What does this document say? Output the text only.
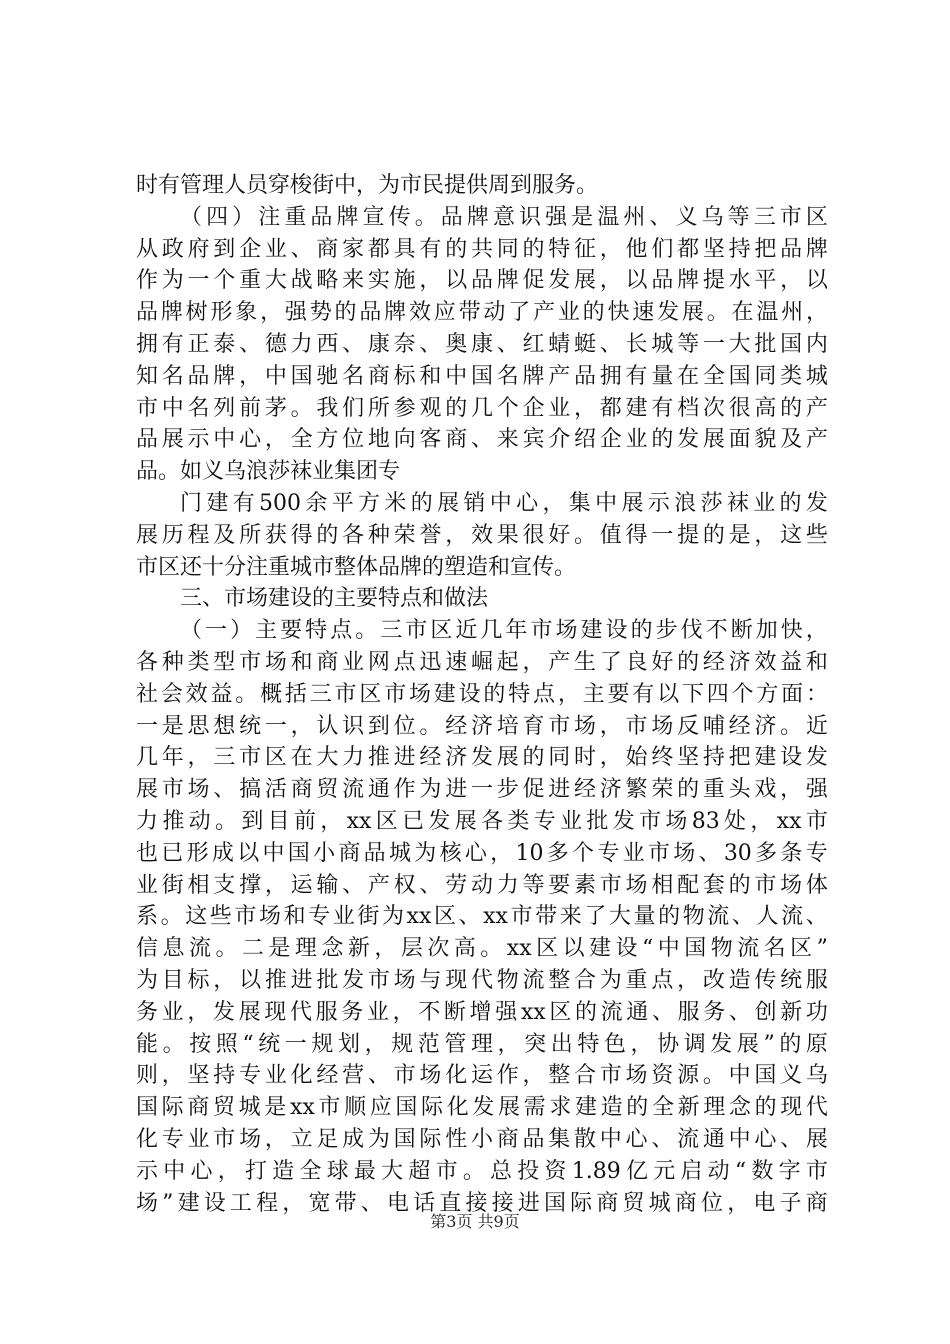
时有管理人员穿梭街中，为市民提供周到服务。
（ 四 ） 注 重 品 牌 宣 传 。 品 牌 意 识 强 是 温 州 、 义 乌 等 三 市 区
从 政 府 到 企 业 、 商 家 都 具 有 的 共 同 的 特 征 ， 他 们 都 坚 持 把 品 牌
作 为 一 个 重 大 战 略 来 实 施 ， 以 品 牌 促 发 展 ， 以 品 牌 提 水 平 ， 以
品 牌 树 形 象 ， 强 势 的 品 牌 效 应 带 动 了 产 业 的 快 速 发 展 。 在 温 州 ，
拥 有 正 泰 、 德 力 西 、 康 奈 、 奥 康 、 红 蜻 蜓 、 长 城 等 一 大 批 国 内
知 名 品 牌 ， 中 国 驰 名 商 标 和 中 国 名 牌 产 品 拥 有 量 在 全 国 同 类 城
市 中 名 列 前 茅 。 我 们 所 参 观 的 几 个 企 业 ， 都 建 有 档 次 很 高 的 产
品 展 示 中 心 ， 全 方 位 地 向 客 商 、 来 宾 介 绍 企 业 的 发 展 面 貌 及 产
品。如义乌浪莎袜业集团专
门 建 有 500 余 平 方 米 的 展 销 中 心 ， 集 中 展 示 浪 莎 袜 业 的 发
展 历 程 及 所 获 得 的 各 种 荣 誉 ， 效 果 很 好 。 值 得 一 提 的 是 ， 这 些
市区还十分注重城市整体品牌的塑造和宣传。
三、市场建设的主要特点和做法
（ 一 ） 主 要 特 点 。 三 市 区 近 几 年 市 场 建 设 的 步 伐 不 断 加 快 ，
各 种 类 型 市 场 和 商 业 网 点 迅 速 崛 起 ， 产 生 了 良 好 的 经 济 效 益 和
社 会 效 益 。 概 括 三 市 区 市 场 建 设 的 特 点 ， 主 要 有 以 下 四 个 方 面 ：
一 是 思 想 统 一 ， 认 识 到 位 。 经 济 培 育 市 场 ， 市 场 反 哺 经 济 。 近
几 年 ， 三 市 区 在 大 力 推 进 经 济 发 展 的 同 时 ， 始 终 坚 持 把 建 设 发
展 市 场 、 搞 活 商 贸 流 通 作 为 进 一 步 促 进 经 济 繁 荣 的 重 头 戏 ， 强
力 推 动 。 到 目 前 ， xx 区 已 发 展 各 类 专 业 批 发 市 场 83 处 ， xx 市
也 已 形 成 以 中 国 小 商 品 城 为 核 心 ， 10 多 个 专 业 市 场 、 30 多 条 专
业 街 相 支 撑 ， 运 输 、 产 权 、 劳 动 力 等 要 素 市 场 相 配 套 的 市 场 体
系 。 这 些 市 场 和 专 业 街 为 xx 区 、 xx 市 带 来 了 大 量 的 物 流 、 人 流 、
信 息 流 。 二 是 理 念 新 ， 层 次 高 。 xx 区 以 建 设 “ 中 国 物 流 名 区 ”
为 目 标 ， 以 推 进 批 发 市 场 与 现 代 物 流 整 合 为 重 点 ， 改 造 传 统 服
务 业 ， 发 展 现 代 服 务 业 ， 不 断 增 强 xx 区 的 流 通 、 服 务 、 创 新 功
能 。 按 照 “ 统 一 规 划 ， 规 范 管 理 ， 突 出 特 色 ， 协 调 发 展 ” 的 原
则 ， 坚 持 专 业 化 经 营 、 市 场 化 运 作 ， 整 合 市 场 资 源 。 中 国 义 乌
国 际 商 贸 城 是 xx 市 顺 应 国 际 化 发 展 需 求 建 造 的 全 新 理 念 的 现 代
化 专 业 市 场 ， 立 足 成 为 国 际 性 小 商 品 集 散 中 心 、 流 通 中 心 、 展
示 中 心 ， 打 造 全 球 最 大 超 市 。 总 投 资 1.89 亿 元 启 动 “ 数 字 市
场 ” 建 设 工 程 ， 宽 带 、 电 话 直 接 接 进 国 际 商 贸 城 商 位 ， 电 子 商
第3页 共9页
